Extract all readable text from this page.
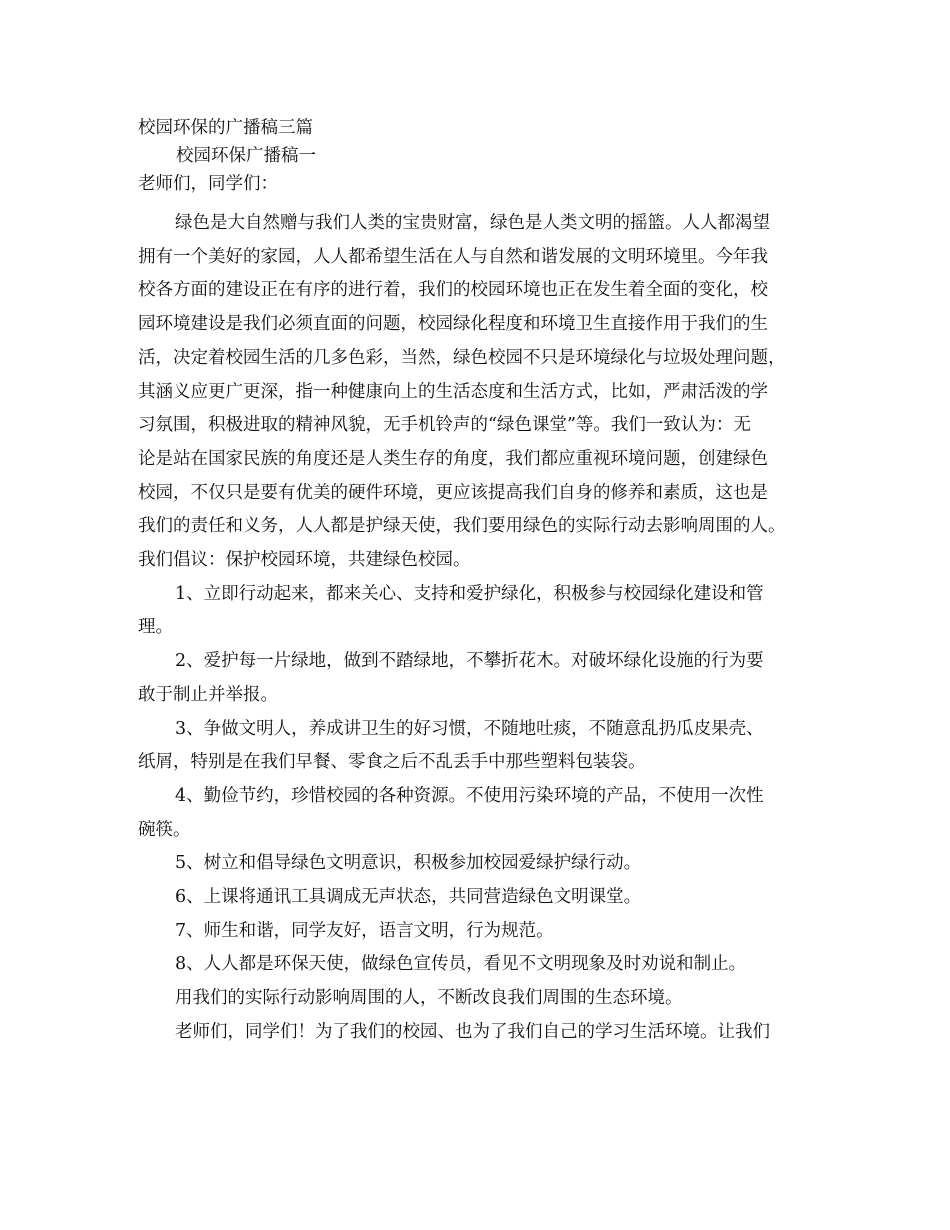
校园环保的广播稿三篇
校园环保广播稿一
老师们，同学们：
绿色是大自然赠与我们人类的宝贵财富，绿色是人类文明的摇篮。人人都渴望
拥有一个美好的家园，人人都希望生活在人与自然和谐发展的文明环境里。今年我
校各方面的建设正在有序的进行着，我们的校园环境也正在发生着全面的变化，校
园环境建设是我们必须直面的问题，校园绿化程度和环境卫生直接作用于我们的生
活，决定着校园生活的几多色彩，当然，绿色校园不只是环境绿化与垃圾处理问题，
其涵义应更广更深，指一种健康向上的生活态度和生活方式，比如，严肃活泼的学
习氛围，积极进取的精神风貌，无手机铃声的“绿色课堂”等。我们一致认为：无
论是站在国家民族的角度还是人类生存的角度，我们都应重视环境问题，创建绿色
校园，不仅只是要有优美的硬件环境，更应该提高我们自身的修养和素质，这也是
我们的责任和义务，人人都是护绿天使，我们要用绿色的实际行动去影响周围的人。
我们倡议：保护校园环境，共建绿色校园。
1、立即行动起来，都来关心、支持和爱护绿化，积极参与校园绿化建设和管
理。
2、爱护每一片绿地，做到不踏绿地，不攀折花木。对破坏绿化设施的行为要
敢于制止并举报。
3、争做文明人，养成讲卫生的好习惯，不随地吐痰，不随意乱扔瓜皮果壳、
纸屑，特别是在我们早餐、零食之后不乱丢手中那些塑料包装袋。
4、勤俭节约，珍惜校园的各种资源。不使用污染环境的产品，不使用一次性
碗筷。
5、树立和倡导绿色文明意识，积极参加校园爱绿护绿行动。
6、上课将通讯工具调成无声状态，共同营造绿色文明课堂。
7、师生和谐，同学友好，语言文明，行为规范。
8、人人都是环保天使，做绿色宣传员，看见不文明现象及时劝说和制止。
用我们的实际行动影响周围的人，不断改良我们周围的生态环境。
老师们，同学们！为了我们的校园、也为了我们自己的学习生活环境。让我们
